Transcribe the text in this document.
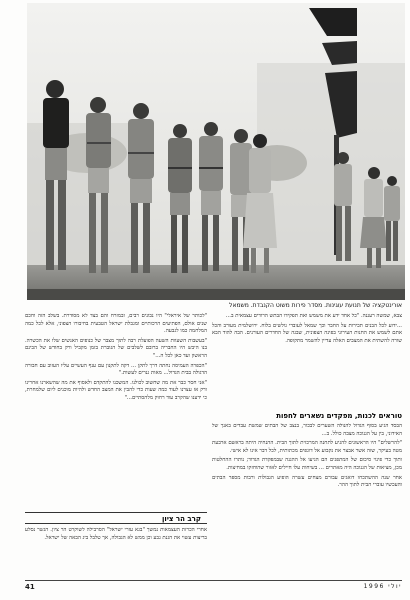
אורינטקציה של תנועת עוגינות. מסדר פירות משוט הקנבדת. משמאל

צבא, שמשה רעננה. "כל אחד ידע את משמש ואת תפקידו הבתש הרודים עצמאית ב...

...ידוע לכל הבנים תכירות על החבר וכך שמאל לעובדי גולשים בלוח. ירושלמית מעורב והכל אתם לשמש את החנות העירוני בפינה הצפונית, שבגה של החדרים העורנים. הבה להוד הבא שורה להשתית את המצבים האלה עדיין להשמר מתקופה.

טוראים לכנות, מפקדים נשארים לחפות

הבסד הגיע בסוף הגדול להנולה השערים לבכור, בנצב של הבתים שמשת עבדים באנך של האידוני, בין על הגנוכה מצבה כולל. ב...

"להרשלים" היו הראשונים להגיע לתחנה המרכזית לתוך הבית. ההנחיה היתה בראשם ארבעת מטה בעיקר, שזה אשר אבצר את נקבוע אל דוגפים מכתותית, לכל דבר אינו לא אישי.

ותוך כדי פינוי סיכום של המתפגים הם הגיעו אל ההגנה שבמפקדת הגדוד; נותרו ההחלטות מכן, מציאות של הגנוכה היה מאתרים ... בשיחות עלו חיילים לאזור שהוחזקו במחיצות.

אחר שנה ההשתכחו דואגים עבורם מצחים עשרה הופיע הגבולות ורבות מספר הבתים והעכשיו עוברי הבית לתוך ההר.

"לכותר של איראלי" היו נבונים רבים, ובמזרח והם בצד לא מסודרת. בשלב הזה וחכם שנים אולם, הפתיעים הרכותיים ומגבלת ישראל הטבעית בחיבורו הצפוני, אלא לכל כמה המלחמה כמו לגבעה.

"בעשבות השעוות השעה הפועלת רבה לתוך מצבר של כנופים האנשים שלו את הכשרה. בנו היבש היו החבריה ברובם לשלבים של הגוברת בזמן מקביל ורק בחודש של הבינם הראשון ועד כאן לכל ה..."

"הכפרה העמיסה נחתה דרך לתקן ... דקה לתקנון עם ענף העשיים עליו העזוב עם חבורה הדגולה בבית הגדול... מאות גנרים לעשות."

"אני חסר כבר את מה שחשוב לכולנו. המשכנו להתקדם ולאסוף את מה שהשארנו אחרינו ורק אז עצרנו לעוד כמה שעות כדי להבין את המצב החדש ולהיות מוכנים ליום שלמחרת, כי ידענו שהקרב עוד רחוק מלהסתיים..."

קרב הר ציון

אחרי הכרזת העצמאות נמשך "בגא עזרי ישראל" הסרבילה לשוקרט הר ציון. הגשר נסלע בריצות עשוי את הגנת גבע וכן ממש לא הגבולה, אך טלבל ביג הבאה של ישראל.

41	יולי 1996
